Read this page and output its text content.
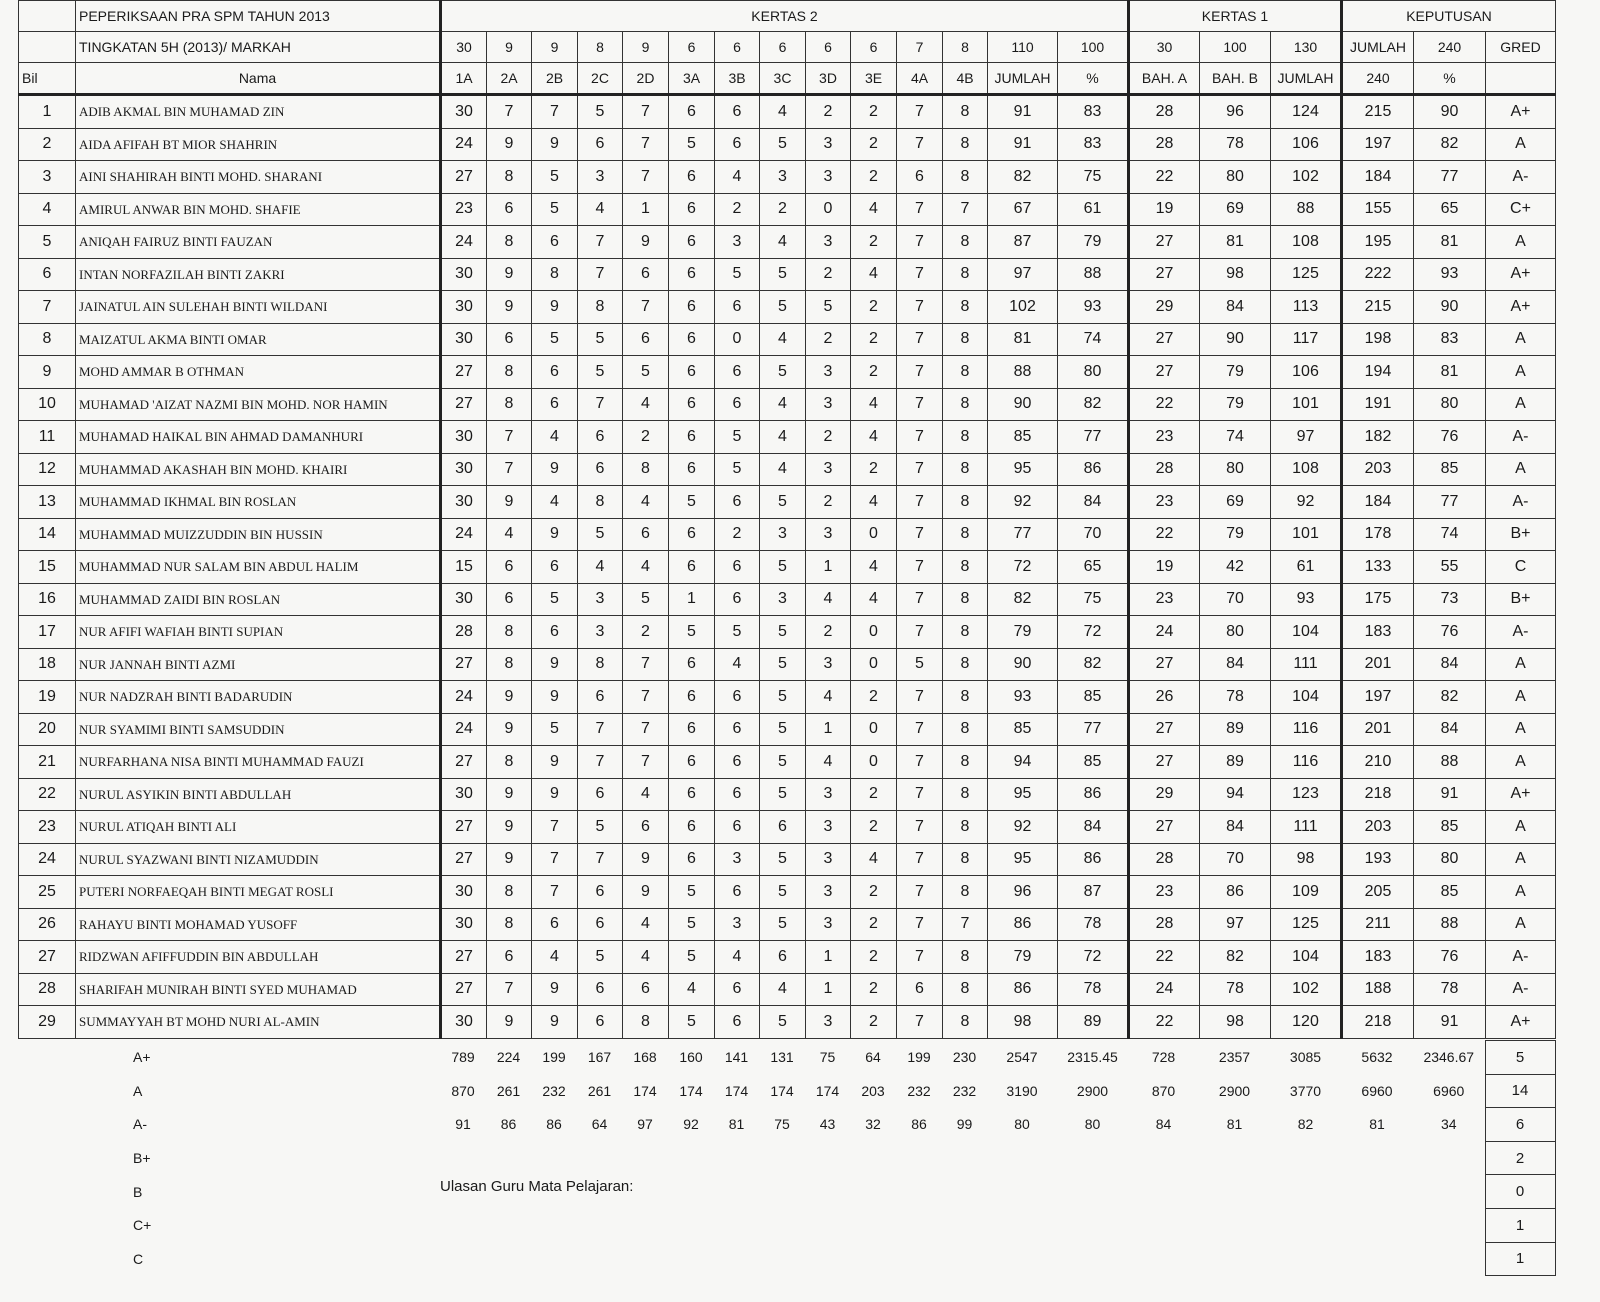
	PEPERIKSAAN PRA SPM TAHUN 2013	KERTAS 2														KERTAS 1			KEPUTUSAN		
	TINGKATAN 5H (2013)/ MARKAH	30	9	9	8	9	6	6	6	6	6	7	8	110	100	30	100	130	JUMLAH	240	GRED
Bil	Nama	1A	2A	2B	2C	2D	3A	3B	3C	3D	3E	4A	4B	JUMLAH	%	BAH. A	BAH. B	JUMLAH	240	%	
1	ADIB AKMAL BIN MUHAMAD ZIN	30	7	7	5	7	6	6	4	2	2	7	8	91	83	28	96	124	215	90	A+
2	AIDA AFIFAH BT MIOR SHAHRIN	24	9	9	6	7	5	6	5	3	2	7	8	91	83	28	78	106	197	82	A
3	AINI SHAHIRAH BINTI MOHD. SHARANI	27	8	5	3	7	6	4	3	3	2	6	8	82	75	22	80	102	184	77	A-
4	AMIRUL ANWAR BIN MOHD. SHAFIE	23	6	5	4	1	6	2	2	0	4	7	7	67	61	19	69	88	155	65	C+
5	ANIQAH FAIRUZ BINTI FAUZAN	24	8	6	7	9	6	3	4	3	2	7	8	87	79	27	81	108	195	81	A
6	INTAN NORFAZILAH BINTI ZAKRI	30	9	8	7	6	6	5	5	2	4	7	8	97	88	27	98	125	222	93	A+
7	JAINATUL AIN SULEHAH BINTI WILDANI	30	9	9	8	7	6	6	5	5	2	7	8	102	93	29	84	113	215	90	A+
8	MAIZATUL AKMA BINTI OMAR	30	6	5	5	6	6	0	4	2	2	7	8	81	74	27	90	117	198	83	A
9	MOHD AMMAR B OTHMAN	27	8	6	5	5	6	6	5	3	2	7	8	88	80	27	79	106	194	81	A
10	MUHAMAD 'AIZAT NAZMI BIN MOHD. NOR HAMIN	27	8	6	7	4	6	6	4	3	4	7	8	90	82	22	79	101	191	80	A
11	MUHAMAD HAIKAL BIN AHMAD DAMANHURI	30	7	4	6	2	6	5	4	2	4	7	8	85	77	23	74	97	182	76	A-
12	MUHAMMAD AKASHAH BIN MOHD. KHAIRI	30	7	9	6	8	6	5	4	3	2	7	8	95	86	28	80	108	203	85	A
13	MUHAMMAD IKHMAL BIN ROSLAN	30	9	4	8	4	5	6	5	2	4	7	8	92	84	23	69	92	184	77	A-
14	MUHAMMAD MUIZZUDDIN BIN HUSSIN	24	4	9	5	6	6	2	3	3	0	7	8	77	70	22	79	101	178	74	B+
15	MUHAMMAD NUR SALAM BIN ABDUL HALIM	15	6	6	4	4	6	6	5	1	4	7	8	72	65	19	42	61	133	55	C
16	MUHAMMAD ZAIDI BIN ROSLAN	30	6	5	3	5	1	6	3	4	4	7	8	82	75	23	70	93	175	73	B+
17	NUR AFIFI WAFIAH BINTI SUPIAN	28	8	6	3	2	5	5	5	2	0	7	8	79	72	24	80	104	183	76	A-
18	NUR JANNAH BINTI AZMI	27	8	9	8	7	6	4	5	3	0	5	8	90	82	27	84	111	201	84	A
19	NUR NADZRAH BINTI BADARUDIN	24	9	9	6	7	6	6	5	4	2	7	8	93	85	26	78	104	197	82	A
20	NUR SYAMIMI BINTI SAMSUDDIN	24	9	5	7	7	6	6	5	1	0	7	8	85	77	27	89	116	201	84	A
21	NURFARHANA NISA BINTI MUHAMMAD FAUZI	27	8	9	7	7	6	6	5	4	0	7	8	94	85	27	89	116	210	88	A
22	NURUL ASYIKIN BINTI ABDULLAH	30	9	9	6	4	6	6	5	3	2	7	8	95	86	29	94	123	218	91	A+
23	NURUL ATIQAH BINTI ALI	27	9	7	5	6	6	6	6	3	2	7	8	92	84	27	84	111	203	85	A
24	NURUL SYAZWANI BINTI NIZAMUDDIN	27	9	7	7	9	6	3	5	3	4	7	8	95	86	28	70	98	193	80	A
25	PUTERI NORFAEQAH BINTI MEGAT ROSLI	30	8	7	6	9	5	6	5	3	2	7	8	96	87	23	86	109	205	85	A
26	RAHAYU BINTI MOHAMAD YUSOFF	30	8	6	6	4	5	3	5	3	2	7	7	86	78	28	97	125	211	88	A
27	RIDZWAN AFIFFUDDIN BIN ABDULLAH	27	6	4	5	4	5	4	6	1	2	7	8	79	72	22	82	104	183	76	A-
28	SHARIFAH MUNIRAH BINTI SYED MUHAMAD	27	7	9	6	6	4	6	4	1	2	6	8	86	78	24	78	102	188	78	A-
29	SUMMAYYAH BT MOHD NURI AL-AMIN	30	9	9	6	8	5	6	5	3	2	7	8	98	89	22	98	120	218	91	A+
	A+	789	224	199	167	168	160	141	131	75	64	199	230	2547	2315.45	728	2357	3085	5632	2346.67	5
	A	870	261	232	261	174	174	174	174	174	203	232	232	3190	2900	870	2900	3770	6960	6960	14
	A-	91	86	86	64	97	92	81	75	43	32	86	99	80	80	84	81	82	81	34	6
	B+																				2
	B																				0
	C+																				1
	C																				1
Ulasan Guru Mata Pelajaran:
